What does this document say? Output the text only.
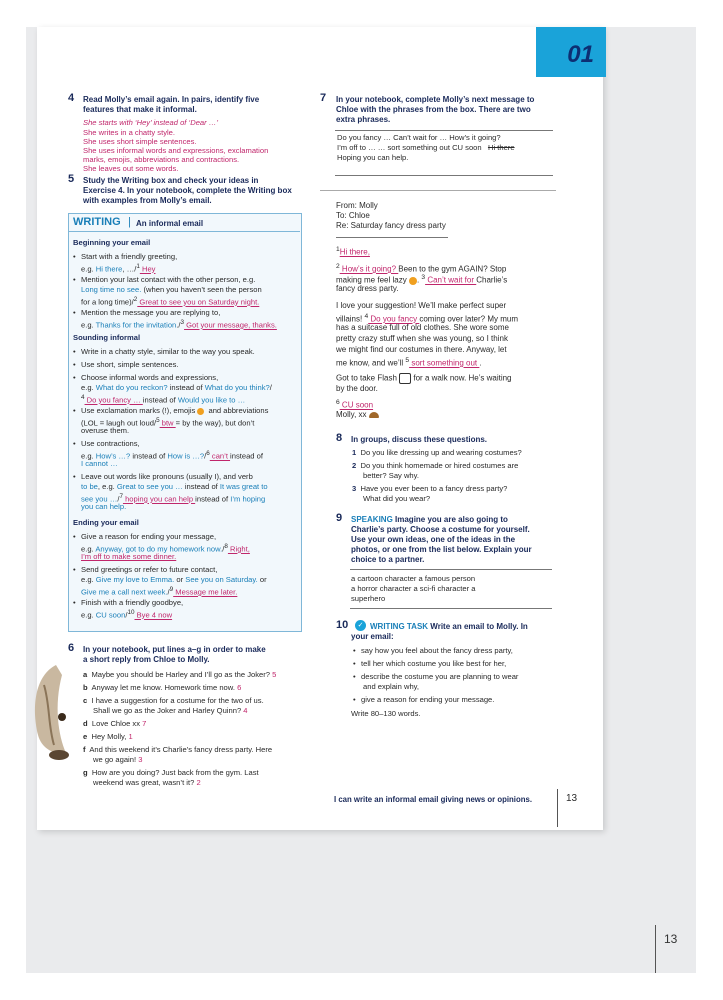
01
4 Read Molly’s email again. In pairs, identify five
features that make it informal.
She starts with ‘Hey’ instead of ‘Dear …’
She writes in a chatty style.
She uses short simple sentences.
She uses informal words and expressions, exclamation
marks, emojis, abbreviations and contractions.
She leaves out some words.
5 Study the Writing box and check your ideas in
Exercise 4. In your notebook, complete the Writing box
with examples from Molly’s email.
WRITING | An informal email
Beginning your email
• Start with a friendly greeting,
e.g. Hi there, …/$^1$ Hey
• Mention your last contact with the other person, e.g.
Long time no see. (when you haven’t seen the person
for a long time)/$^2$ Great to see you on Saturday night.
• Mention the message you are replying to,
e.g. Thanks for the invitation./$^3$ Got your message, thanks.
Sounding informal
• Write in a chatty style, similar to the way you speak.
• Use short, simple sentences.
• Choose informal words and expressions,
e.g. What do you reckon? instead of What do you think?/
$^4$ Do you fancy … instead of Would you like to …
• Use exclamation marks (!), emojis and abbreviations
(LOL = laugh out loud/$^5$ btw = by the way), but don’t
overuse them.
• Use contractions,
e.g. How’s …? instead of How is …?/$^6$ can’t instead of
I cannot …
• Leave out words like pronouns (usually I), and verb
to be, e.g. Great to see you … instead of It was great to
see you …/$^7$ hoping you can help instead of I’m hoping
you can help.
Ending your email
• Give a reason for ending your message,
e.g. Anyway, got to do my homework now./$^8$ Right,
I’m off to make some dinner.
• Send greetings or refer to future contact,
e.g. Give my love to Emma. or See you on Saturday. or
Give me a call next week./$^9$ Message me later.
• Finish with a friendly goodbye,
e.g. CU soon/$^{10}$ Bye 4 now
6 In your notebook, put lines a–g in order to make
a short reply from Chloe to Molly.
a Maybe you should be Harley and I’ll go as the Joker? 5
b Anyway let me know. Homework time now. 6
c I have a suggestion for a costume for the two of us.
Shall we go as the Joker and Harley Quinn? 4
d Love Chloe xx 7
e Hey Molly, 1
f And this weekend it’s Charlie’s fancy dress party. Here
we go again! 3
g How are you doing? Just back from the gym. Last
weekend was great, wasn’t it? 2
7 In your notebook, complete Molly’s next message to
Chloe with the phrases from the box. There are two
extra phrases.
Do you fancy … Can’t wait for … How’s it going?
I’m off to … … sort something out CU soon Hi there
Hoping you can help.
From: Molly
To: Chloe
Re: Saturday fancy dress party
$^1$Hi there,
$^2$ How’s it going? Been to the gym AGAIN? Stop
making me feel lazy . $^3$ Can’t wait for Charlie’s
fancy dress party.
I love your suggestion! We’ll make perfect super
villains! $^4$ Do you fancy coming over later? My mum
has a suitcase full of old clothes. She wore some
pretty crazy stuff when she was young, so I think
we might find our costumes in there. Anyway, let
me know, and we’ll $^5$ sort something out .
Got to take Flash  for a walk now. He’s waiting
by the door.
$^6$ CU soon
Molly, xx
8 In groups, discuss these questions.
1 Do you like dressing up and wearing costumes?
2 Do you think homemade or hired costumes are
better? Say why.
3 Have you ever been to a fancy dress party?
What did you wear?
9 SPEAKING Imagine you are also going to
Charlie’s party. Choose a costume for yourself.
Use your own ideas, one of the ideas in the
photos, or one from the list below. Explain your
choice to a partner.
a cartoon character a famous person
a horror character a sci-fi character a
superhero
10	✓ WRITING TASK Write an email to Molly. In
your email:
• say how you feel about the fancy dress party,
• tell her which costume you like best for her,
• describe the costume you are planning to wear
and explain why,
• give a reason for ending your message.
Write 80–130 words.
I can write an informal email giving news or opinions.	13
13
